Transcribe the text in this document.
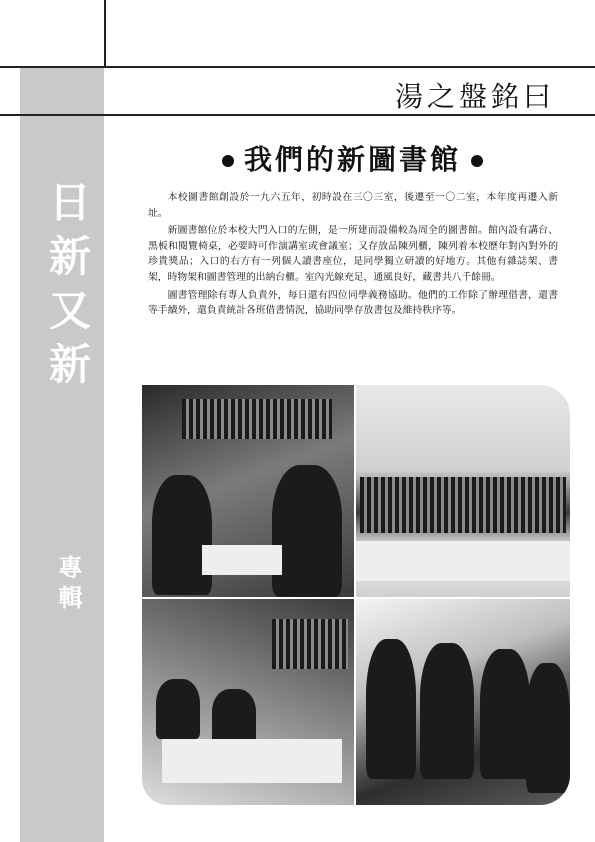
湯之盤銘曰
日新又新
專輯
我們的新圖書館

本校圖書館創設於一九六五年，初時設在三〇三室，後遷至一〇二室，本年度再遷入新址。

新圖書館位於本校大門入口的左側，是一所建而設備較為周全的圖書館。館內設有講台、黑板和閱覽椅桌，必要時可作演講室或會議室；又存放品陳列櫃，陳列着本校歷年對內對外的珍貴獎品；入口的右方有一列個人讀書座位，是同學獨立研讀的好地方。其他有雜誌架、書架，時物架和圖書管理的出納台櫃。室內光線充足，通風良好，藏書共八千餘冊。

圖書管理除有專人負責外，每日還有四位同學義務協助。他們的工作除了辦理借書，還書等手續外，還負責統計各班借書情況，協助同學存放書包及維持秩序等。
